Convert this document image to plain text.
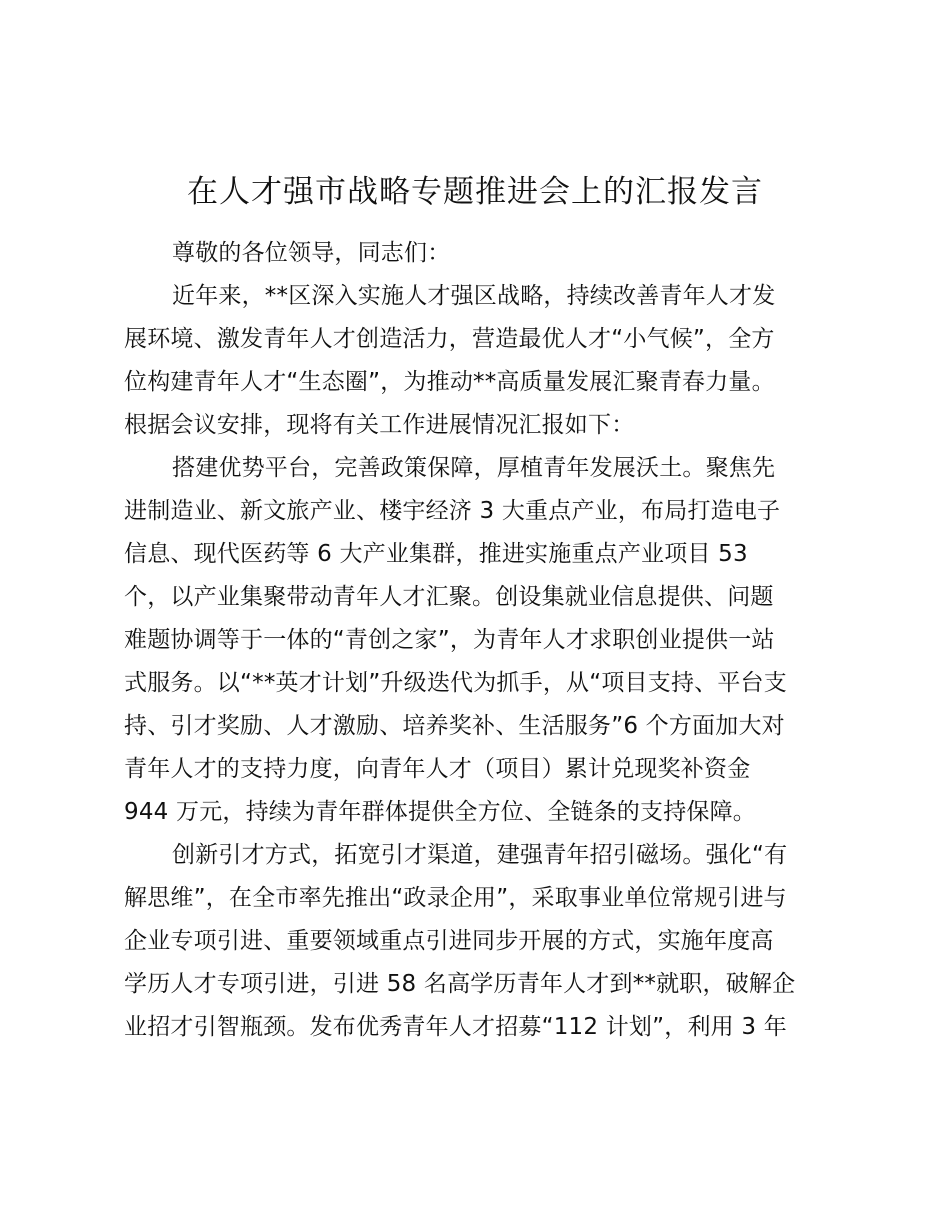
在人才强市战略专题推进会上的汇报发言
尊敬的各位领导，同志们：
近年来，**区深入实施人才强区战略，持续改善青年人才发
展环境、激发青年人才创造活力，营造最优人才“小气候”，全方
位构建青年人才“生态圈”，为推动**高质量发展汇聚青春力量。
根据会议安排，现将有关工作进展情况汇报如下：
搭建优势平台，完善政策保障，厚植青年发展沃土。聚焦先
进制造业、新文旅产业、楼宇经济 3 大重点产业，布局打造电子
信息、现代医药等 6 大产业集群，推进实施重点产业项目 53
个，以产业集聚带动青年人才汇聚。创设集就业信息提供、问题
难题协调等于一体的“青创之家”，为青年人才求职创业提供一站
式服务。以“**英才计划”升级迭代为抓手，从“项目支持、平台支
持、引才奖励、人才激励、培养奖补、生活服务”6 个方面加大对
青年人才的支持力度，向青年人才（项目）累计兑现奖补资金
944 万元，持续为青年群体提供全方位、全链条的支持保障。
创新引才方式，拓宽引才渠道，建强青年招引磁场。强化“有
解思维”，在全市率先推出“政录企用”，采取事业单位常规引进与
企业专项引进、重要领域重点引进同步开展的方式，实施年度高
学历人才专项引进，引进 58 名高学历青年人才到**就职，破解企
业招才引智瓶颈。发布优秀青年人才招募“112 计划”，利用 3 年
